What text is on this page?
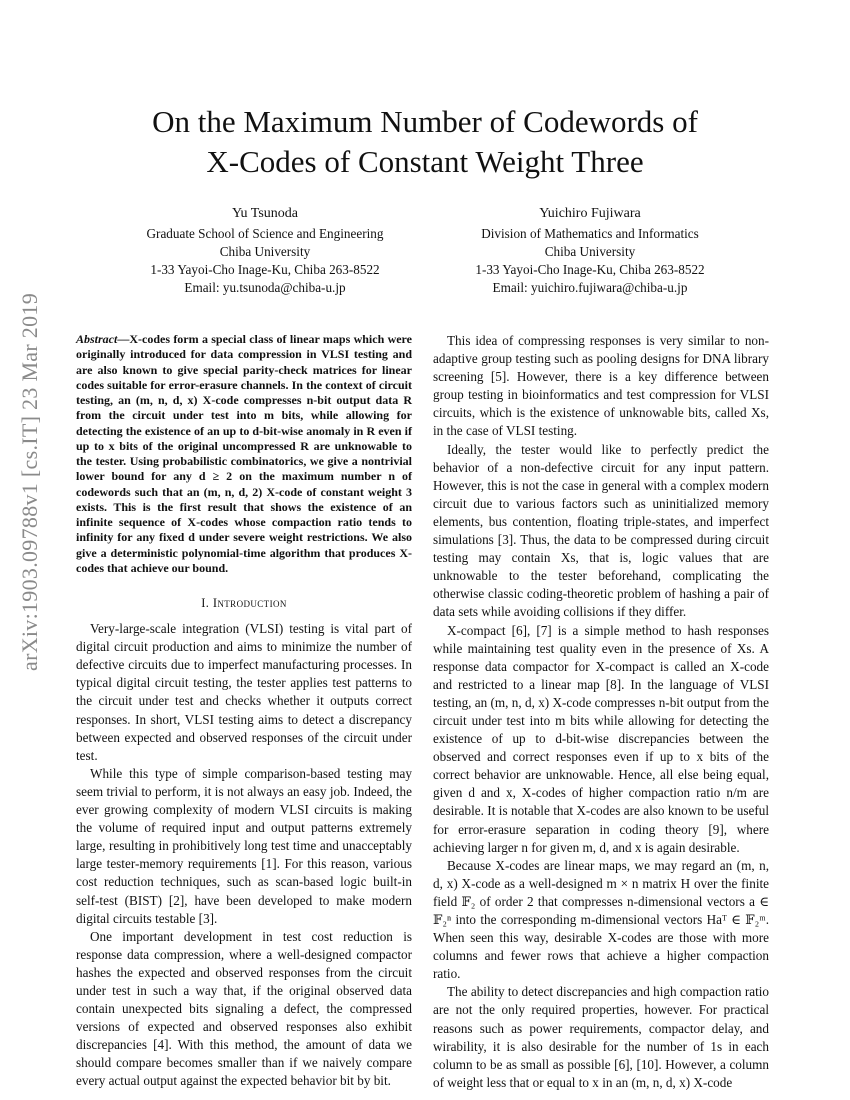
arXiv:1903.09788v1 [cs.IT] 23 Mar 2019
On the Maximum Number of Codewords of
X-Codes of Constant Weight Three
Yu Tsunoda
Graduate School of Science and Engineering
Chiba University
1-33 Yayoi-Cho Inage-Ku, Chiba 263-8522
Email: yu.tsunoda@chiba-u.jp
Yuichiro Fujiwara
Division of Mathematics and Informatics
Chiba University
1-33 Yayoi-Cho Inage-Ku, Chiba 263-8522
Email: yuichiro.fujiwara@chiba-u.jp

Abstract—X-codes form a special class of linear maps which were originally introduced for data compression in VLSI testing and are also known to give special parity-check matrices for linear codes suitable for error-erasure channels. In the context of circuit testing, an (m, n, d, x) X-code compresses n-bit output data R from the circuit under test into m bits, while allowing for detecting the existence of an up to d-bit-wise anomaly in R even if up to x bits of the original uncompressed R are unknowable to the tester. Using probabilistic combinatorics, we give a nontrivial lower bound for any d ≥ 2 on the maximum number n of codewords such that an (m, n, d, 2) X-code of constant weight 3 exists. This is the first result that shows the existence of an infinite sequence of X-codes whose compaction ratio tends to infinity for any fixed d under severe weight restrictions. We also give a deterministic polynomial-time algorithm that produces X-codes that achieve our bound.

I. Introduction

Very-large-scale integration (VLSI) testing is vital part of digital circuit production and aims to minimize the number of defective circuits due to imperfect manufacturing processes. In typical digital circuit testing, the tester applies test patterns to the circuit under test and checks whether it outputs correct responses. In short, VLSI testing aims to detect a discrepancy between expected and observed responses of the circuit under test.

While this type of simple comparison-based testing may seem trivial to perform, it is not always an easy job. Indeed, the ever growing complexity of modern VLSI circuits is making the volume of required input and output patterns extremely large, resulting in prohibitively long test time and unacceptably large tester-memory requirements [1]. For this reason, various cost reduction techniques, such as scan-based logic built-in self-test (BIST) [2], have been developed to make modern digital circuits testable [3].

One important development in test cost reduction is response data compression, where a well-designed compactor hashes the expected and observed responses from the circuit under test in such a way that, if the original observed data contain unexpected bits signaling a defect, the compressed versions of expected and observed responses also exhibit discrepancies [4]. With this method, the amount of data we should compare becomes smaller than if we naively compare every actual output against the expected behavior bit by bit.

This idea of compressing responses is very similar to non-adaptive group testing such as pooling designs for DNA library screening [5]. However, there is a key difference between group testing in bioinformatics and test compression for VLSI circuits, which is the existence of unknowable bits, called Xs, in the case of VLSI testing.

Ideally, the tester would like to perfectly predict the behavior of a non-defective circuit for any input pattern. However, this is not the case in general with a complex modern circuit due to various factors such as uninitialized memory elements, bus contention, floating triple-states, and imperfect simulations [3]. Thus, the data to be compressed during circuit testing may contain Xs, that is, logic values that are unknowable to the tester beforehand, complicating the otherwise classic coding-theoretic problem of hashing a pair of data sets while avoiding collisions if they differ.

X-compact [6], [7] is a simple method to hash responses while maintaining test quality even in the presence of Xs. A response data compactor for X-compact is called an X-code and restricted to a linear map [8]. In the language of VLSI testing, an (m, n, d, x) X-code compresses n-bit output from the circuit under test into m bits while allowing for detecting the existence of up to d-bit-wise discrepancies between the observed and correct responses even if up to x bits of the correct behavior are unknowable. Hence, all else being equal, given d and x, X-codes of higher compaction ratio n/m are desirable. It is notable that X-codes are also known to be useful for error-erasure separation in coding theory [9], where achieving larger n for given m, d, and x is again desirable.

Because X-codes are linear maps, we may regard an (m, n, d, x) X-code as a well-designed m × n matrix H over the finite field 𝔽₂ of order 2 that compresses n-dimensional vectors a ∈ 𝔽₂ⁿ into the corresponding m-dimensional vectors Haᵀ ∈ 𝔽₂ᵐ. When seen this way, desirable X-codes are those with more columns and fewer rows that achieve a higher compaction ratio.

The ability to detect discrepancies and high compaction ratio are not the only required properties, however. For practical reasons such as power requirements, compactor delay, and wirability, it is also desirable for the number of 1s in each column to be as small as possible [6], [10]. However, a column of weight less that or equal to x in an (m, n, d, x) X-code
